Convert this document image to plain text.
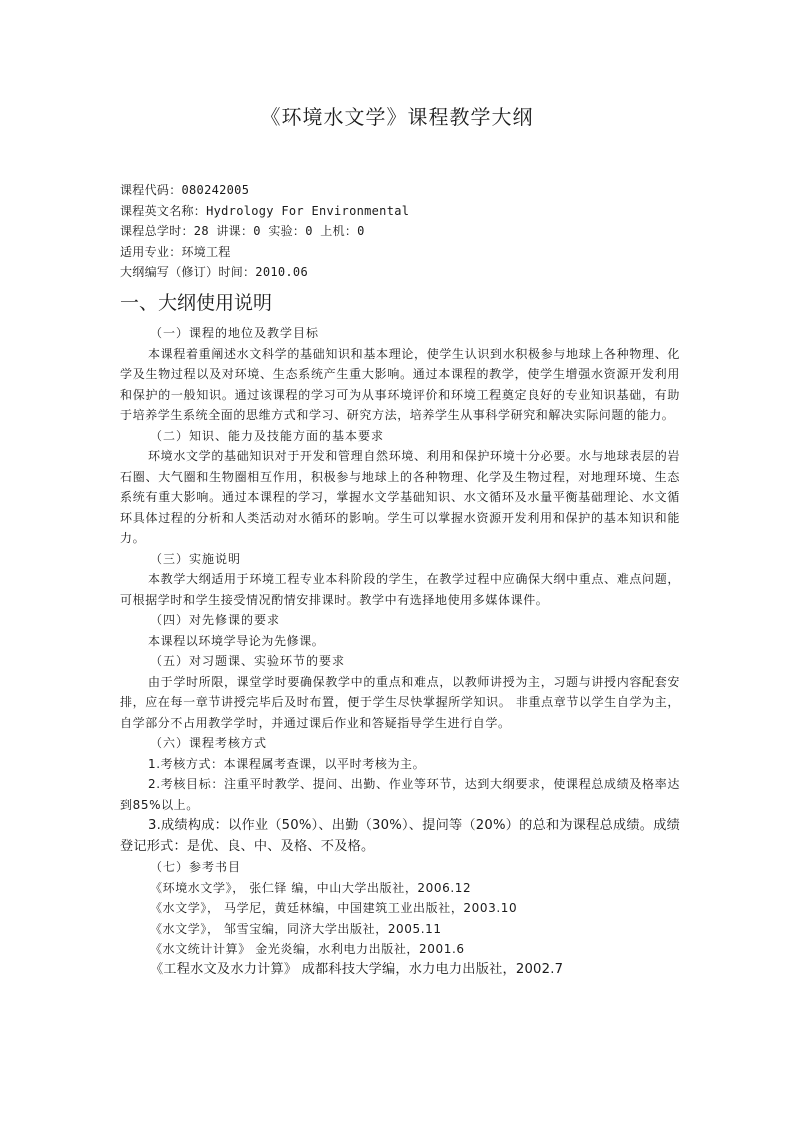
《环境水文学》课程教学大纲
课程代码：080242005
课程英文名称：Hydrology For Environmental
课程总学时：28 讲课：0 实验：0 上机：0
适用专业：环境工程
大纲编写（修订）时间：2010.06
一、大纲使用说明
（一）课程的地位及教学目标

本课程着重阐述水文科学的基础知识和基本理论，使学生认识到水积极参与地球上各种物理、化学及生物过程以及对环境、生态系统产生重大影响。通过本课程的教学，使学生增强水资源开发利用和保护的一般知识。通过该课程的学习可为从事环境评价和环境工程奠定良好的专业知识基础，有助于培养学生系统全面的思维方式和学习、研究方法，培养学生从事科学研究和解决实际问题的能力。

（二）知识、能力及技能方面的基本要求

环境水文学的基础知识对于开发和管理自然环境、利用和保护环境十分必要。水与地球表层的岩石圈、大气圈和生物圈相互作用，积极参与地球上的各种物理、化学及生物过程，对地理环境、生态系统有重大影响。通过本课程的学习，掌握水文学基础知识、水文循环及水量平衡基础理论、水文循环具体过程的分析和人类活动对水循环的影响。学生可以掌握水资源开发利用和保护的基本知识和能力。

（三）实施说明

本教学大纲适用于环境工程专业本科阶段的学生，在教学过程中应确保大纲中重点、难点问题，可根据学时和学生接受情况酌情安排课时。教学中有选择地使用多媒体课件。

（四）对先修课的要求

本课程以环境学导论为先修课。

（五）对习题课、实验环节的要求

由于学时所限，课堂学时要确保教学中的重点和难点，以教师讲授为主，习题与讲授内容配套安排，应在每一章节讲授完毕后及时布置，便于学生尽快掌握所学知识。 非重点章节以学生自学为主，自学部分不占用教学学时，并通过课后作业和答疑指导学生进行自学。

（六）课程考核方式

1.考核方式：本课程属考查课，以平时考核为主。

2.考核目标：注重平时教学、提问、出勤、作业等环节，达到大纲要求，使课程总成绩及格率达到85%以上。

3.成绩构成：以作业（50%）、出勤（30%）、提问等（20%）的总和为课程总成绩。成绩登记形式：是优、良、中、及格、不及格。

（七）参考书目
《环境水文学》， 张仁铎 编，中山大学出版社，2006.12
《水文学》， 马学尼，黄廷林编，中国建筑工业出版社，2003.10
《水文学》， 邹雪宝编，同济大学出版社，2005.11
《水文统计计算》 金光炎编，水利电力出版社，2001.6
《工程水文及水力计算》 成都科技大学编，水力电力出版社，2002.7
